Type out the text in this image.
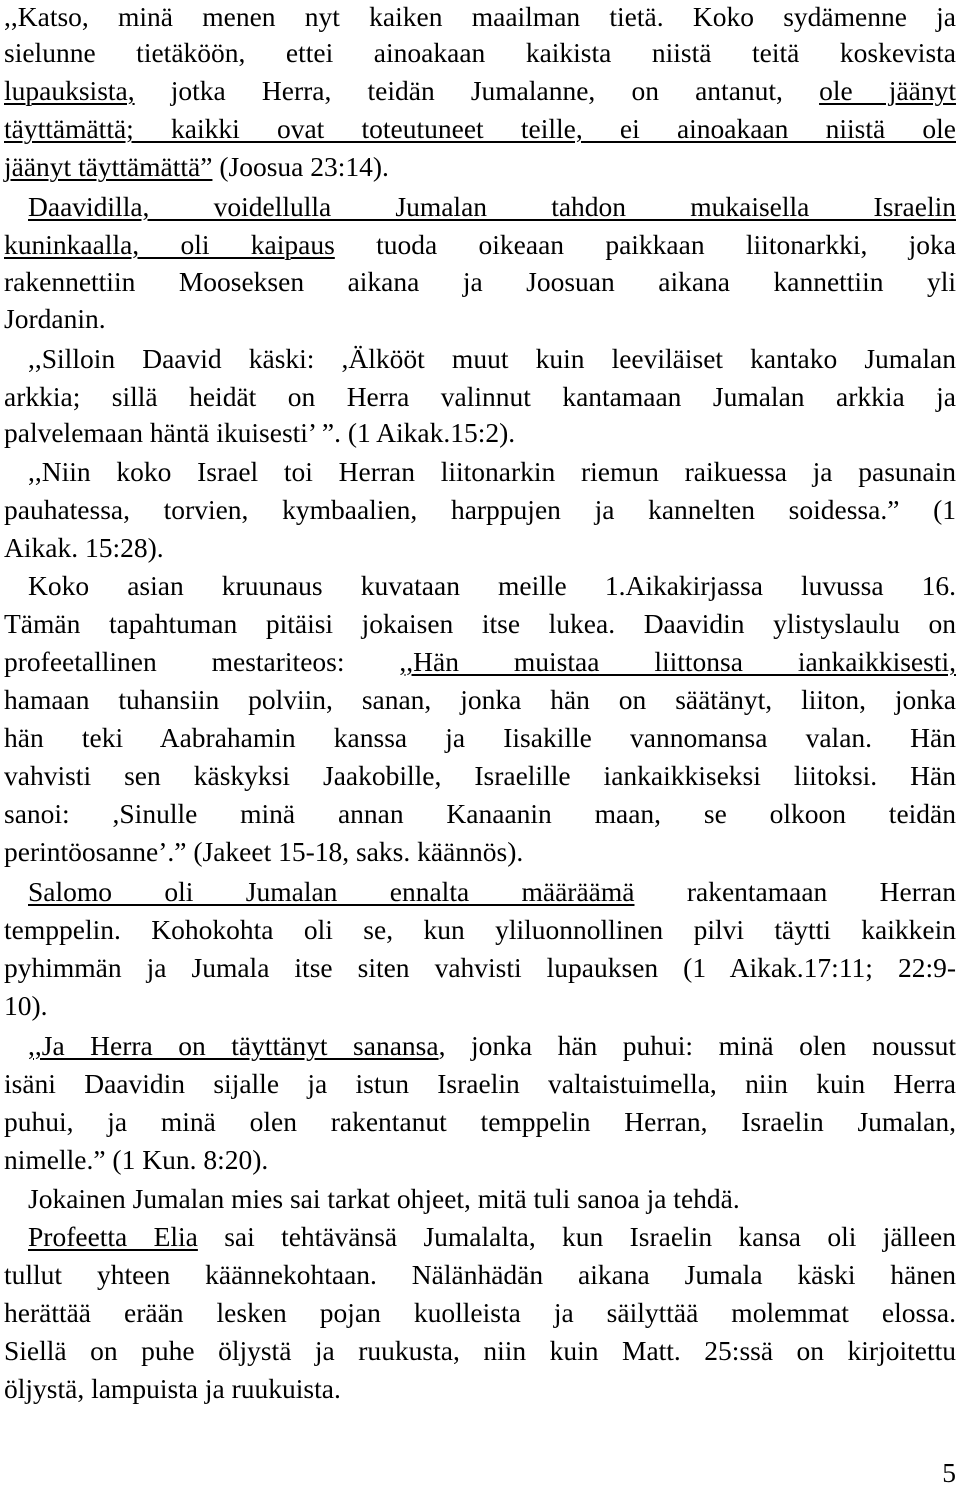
5
,,Katso, minä menen nyt kaiken maailman tietä. Koko sydämenne ja
sielunne tietäköön, ettei ainoakaan kaikista niistä teitä koskevista
lupauksista, jotka Herra, teidän Jumalanne, on antanut, ole jäänyt
täyttämättä; kaikki ovat toteutuneet teille, ei ainoakaan niistä ole
jäänyt täyttämättä” (Joosua 23:14).
Daavidilla, voidellulla Jumalan tahdon mukaisella Israelin
kuninkaalla, oli kaipaus tuoda oikeaan paikkaan liitonarkki, joka
rakennettiin Mooseksen aikana ja Joosuan aikana kannettiin yli
Jordanin.
,,Silloin Daavid käski: ,Älkööt muut kuin leeviläiset kantako Jumalan
arkkia; sillä heidät on Herra valinnut kantamaan Jumalan arkkia ja
palvelemaan häntä ikuisesti’ ”. (1 Aikak.15:2).
,,Niin koko Israel toi Herran liitonarkin riemun raikuessa ja pasunain
pauhatessa, torvien, kymbaalien, harppujen ja kannelten soidessa.” (1
Aikak. 15:28).
Koko asian kruunaus kuvataan meille 1.Aikakirjassa luvussa 16.
Tämän tapahtuman pitäisi jokaisen itse lukea. Daavidin ylistyslaulu on
profeetallinen mestariteos: ,,Hän muistaa liittonsa iankaikkisesti,
hamaan tuhansiin polviin, sanan, jonka hän on säätänyt, liiton, jonka
hän teki Aabrahamin kanssa ja Iisakille vannomansa valan. Hän
vahvisti sen käskyksi Jaakobille, Israelille iankaikkiseksi liitoksi. Hän
sanoi: ,Sinulle minä annan Kanaanin maan, se olkoon teidän
perintöosanne’.” (Jakeet 15-18, saks. käännös).
Salomo oli Jumalan ennalta määräämä rakentamaan Herran
temppelin. Kohokohta oli se, kun yliluonnollinen pilvi täytti kaikkein
pyhimmän ja Jumala itse siten vahvisti lupauksen (1 Aikak.17:11; 22:9-
10).
,,Ja Herra on täyttänyt sanansa, jonka hän puhui: minä olen noussut
isäni Daavidin sijalle ja istun Israelin valtaistuimella, niin kuin Herra
puhui, ja minä olen rakentanut temppelin Herran, Israelin Jumalan,
nimelle.” (1 Kun. 8:20).
Jokainen Jumalan mies sai tarkat ohjeet, mitä tuli sanoa ja tehdä.
Profeetta Elia sai tehtävänsä Jumalalta, kun Israelin kansa oli jälleen
tullut yhteen käännekohtaan. Nälänhädän aikana Jumala käski hänen
herättää erään lesken pojan kuolleista ja säilyttää molemmat elossa.
Siellä on puhe öljystä ja ruukusta, niin kuin Matt. 25:ssä on kirjoitettu
öljystä, lampuista ja ruukuista.
